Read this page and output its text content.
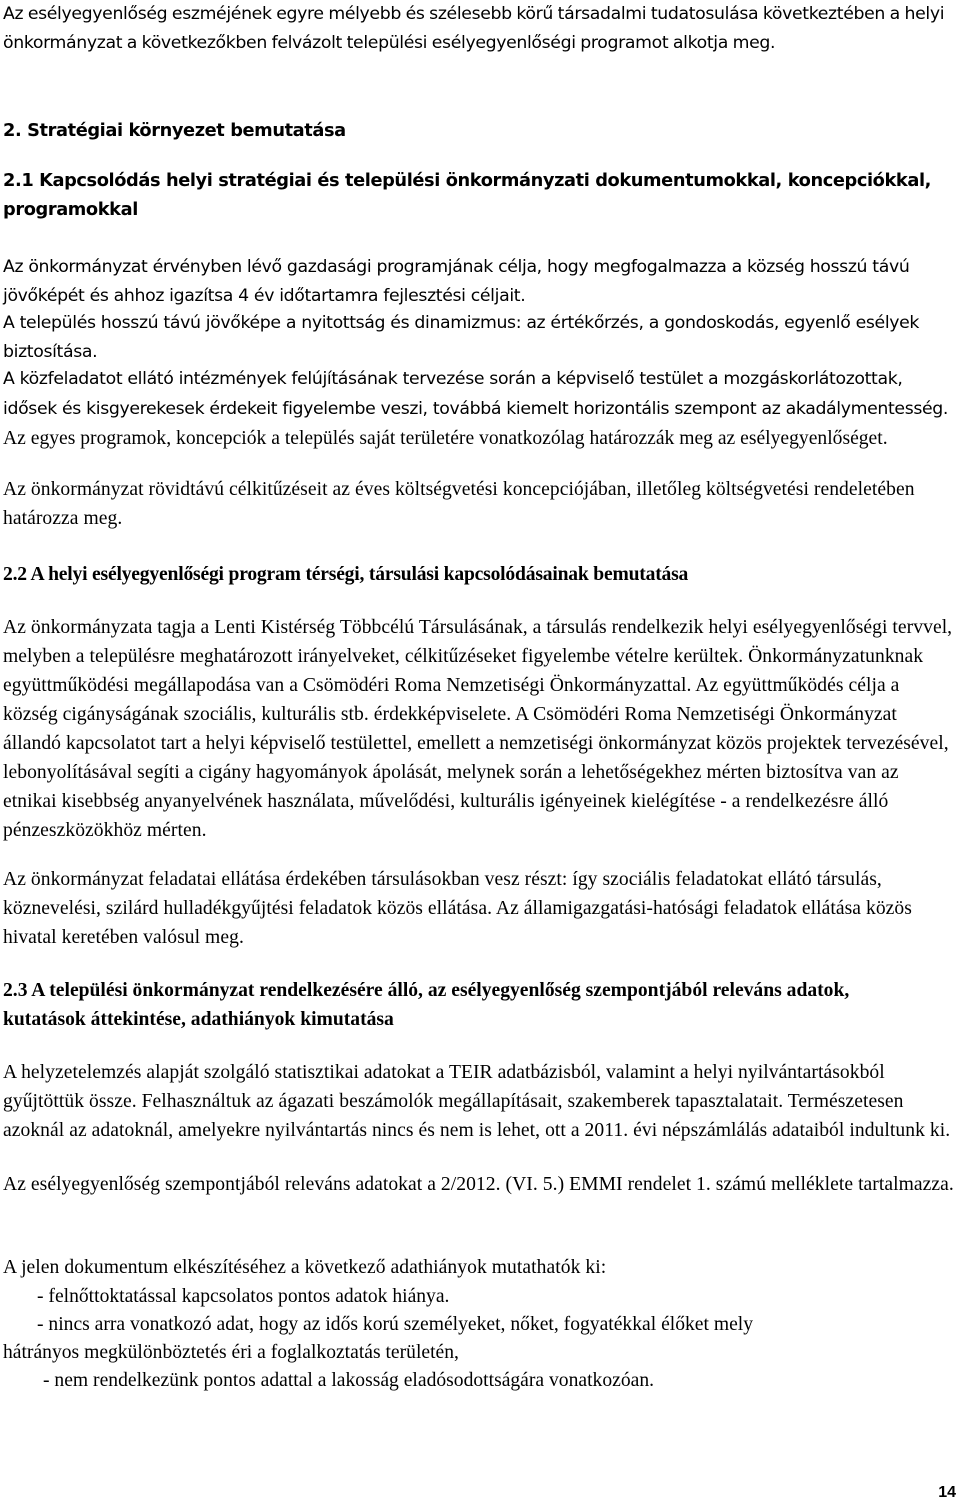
Az esélyegyenlőség eszméjének egyre mélyebb és szélesebb körű társadalmi tudatosulása következtében a helyi önkormányzat a következőkben felvázolt települési esélyegyenlőségi programot alkotja meg.

2. Stratégiai környezet bemutatása

2.1 Kapcsolódás helyi stratégiai és települési önkormányzati dokumentumokkal, koncepciókkal, programokkal

Az önkormányzat érvényben lévő gazdasági programjának célja, hogy megfogalmazza a község hosszú távú jövőképét és ahhoz igazítsa 4 év időtartamra fejlesztési céljait.

A település hosszú távú jövőképe a nyitottság és dinamizmus: az értékőrzés, a gondoskodás, egyenlő esélyek biztosítása.

A közfeladatot ellátó intézmények felújításának tervezése során a képviselő testület a mozgáskorlátozottak, idősek és kisgyerekesek érdekeit figyelembe veszi, továbbá kiemelt horizontális szempont az akadálymentesség. Az egyes programok, koncepciók a település saját területére vonatkozólag határozzák meg az esélyegyenlőséget.

Az önkormányzat rövidtávú célkitűzéseit az éves költségvetési koncepciójában, illetőleg költségvetési rendeletében határozza meg.

2.2 A helyi esélyegyenlőségi program térségi, társulási kapcsolódásainak bemutatása

Az önkormányzata tagja a Lenti Kistérség Többcélú Társulásának, a társulás rendelkezik helyi esélyegyenlőségi tervvel, melyben a településre meghatározott irányelveket, célkitűzéseket figyelembe vételre kerültek. Önkormányzatunknak együttműködési megállapodása van a Csömödéri Roma Nemzetiségi Önkormányzattal. Az együttműködés célja a község cigányságának szociális, kulturális stb. érdekképviselete. A Csömödéri Roma Nemzetiségi Önkormányzat állandó kapcsolatot tart a helyi képviselő testülettel, emellett a nemzetiségi önkormányzat közös projektek tervezésével, lebonyolításával segíti a cigány hagyományok ápolását, melynek során a lehetőségekhez mérten biztosítva van az etnikai kisebbség anyanyelvének használata, művelődési, kulturális igényeinek kielégítése - a rendelkezésre álló pénzeszközökhöz mérten.

Az önkormányzat feladatai ellátása érdekében társulásokban vesz részt: így szociális feladatokat ellátó társulás, köznevelési, szilárd hulladékgyűjtési feladatok közös ellátása. Az államigazgatási-hatósági feladatok ellátása közös hivatal keretében valósul meg.

2.3 A települési önkormányzat rendelkezésére álló, az esélyegyenlőség szempontjából releváns adatok, kutatások áttekintése, adathiányok kimutatása

A helyzetelemzés alapját szolgáló statisztikai adatokat a TEIR adatbázisból, valamint a helyi nyilvántartásokból gyűjtöttük össze. Felhasználtuk az ágazati beszámolók megállapításait, szakemberek tapasztalatait. Természetesen azoknál az adatoknál, amelyekre nyilvántartás nincs és nem is lehet, ott a 2011. évi népszámlálás adataiból indultunk ki.

Az esélyegyenlőség szempontjából releváns adatokat a 2/2012. (VI. 5.) EMMI rendelet 1. számú melléklete tartalmazza.

A jelen dokumentum elkészítéséhez a következő adathiányok mutathatók ki:

- felnőttoktatással kapcsolatos pontos adatok hiánya.
- nincs arra vonatkozó adat, hogy az idős korú személyeket, nőket, fogyatékkal élőket mely
hátrányos megkülönböztetés éri a foglalkoztatás területén,
- nem rendelkezünk pontos adattal a lakosság eladósodottságára vonatkozóan.
14
